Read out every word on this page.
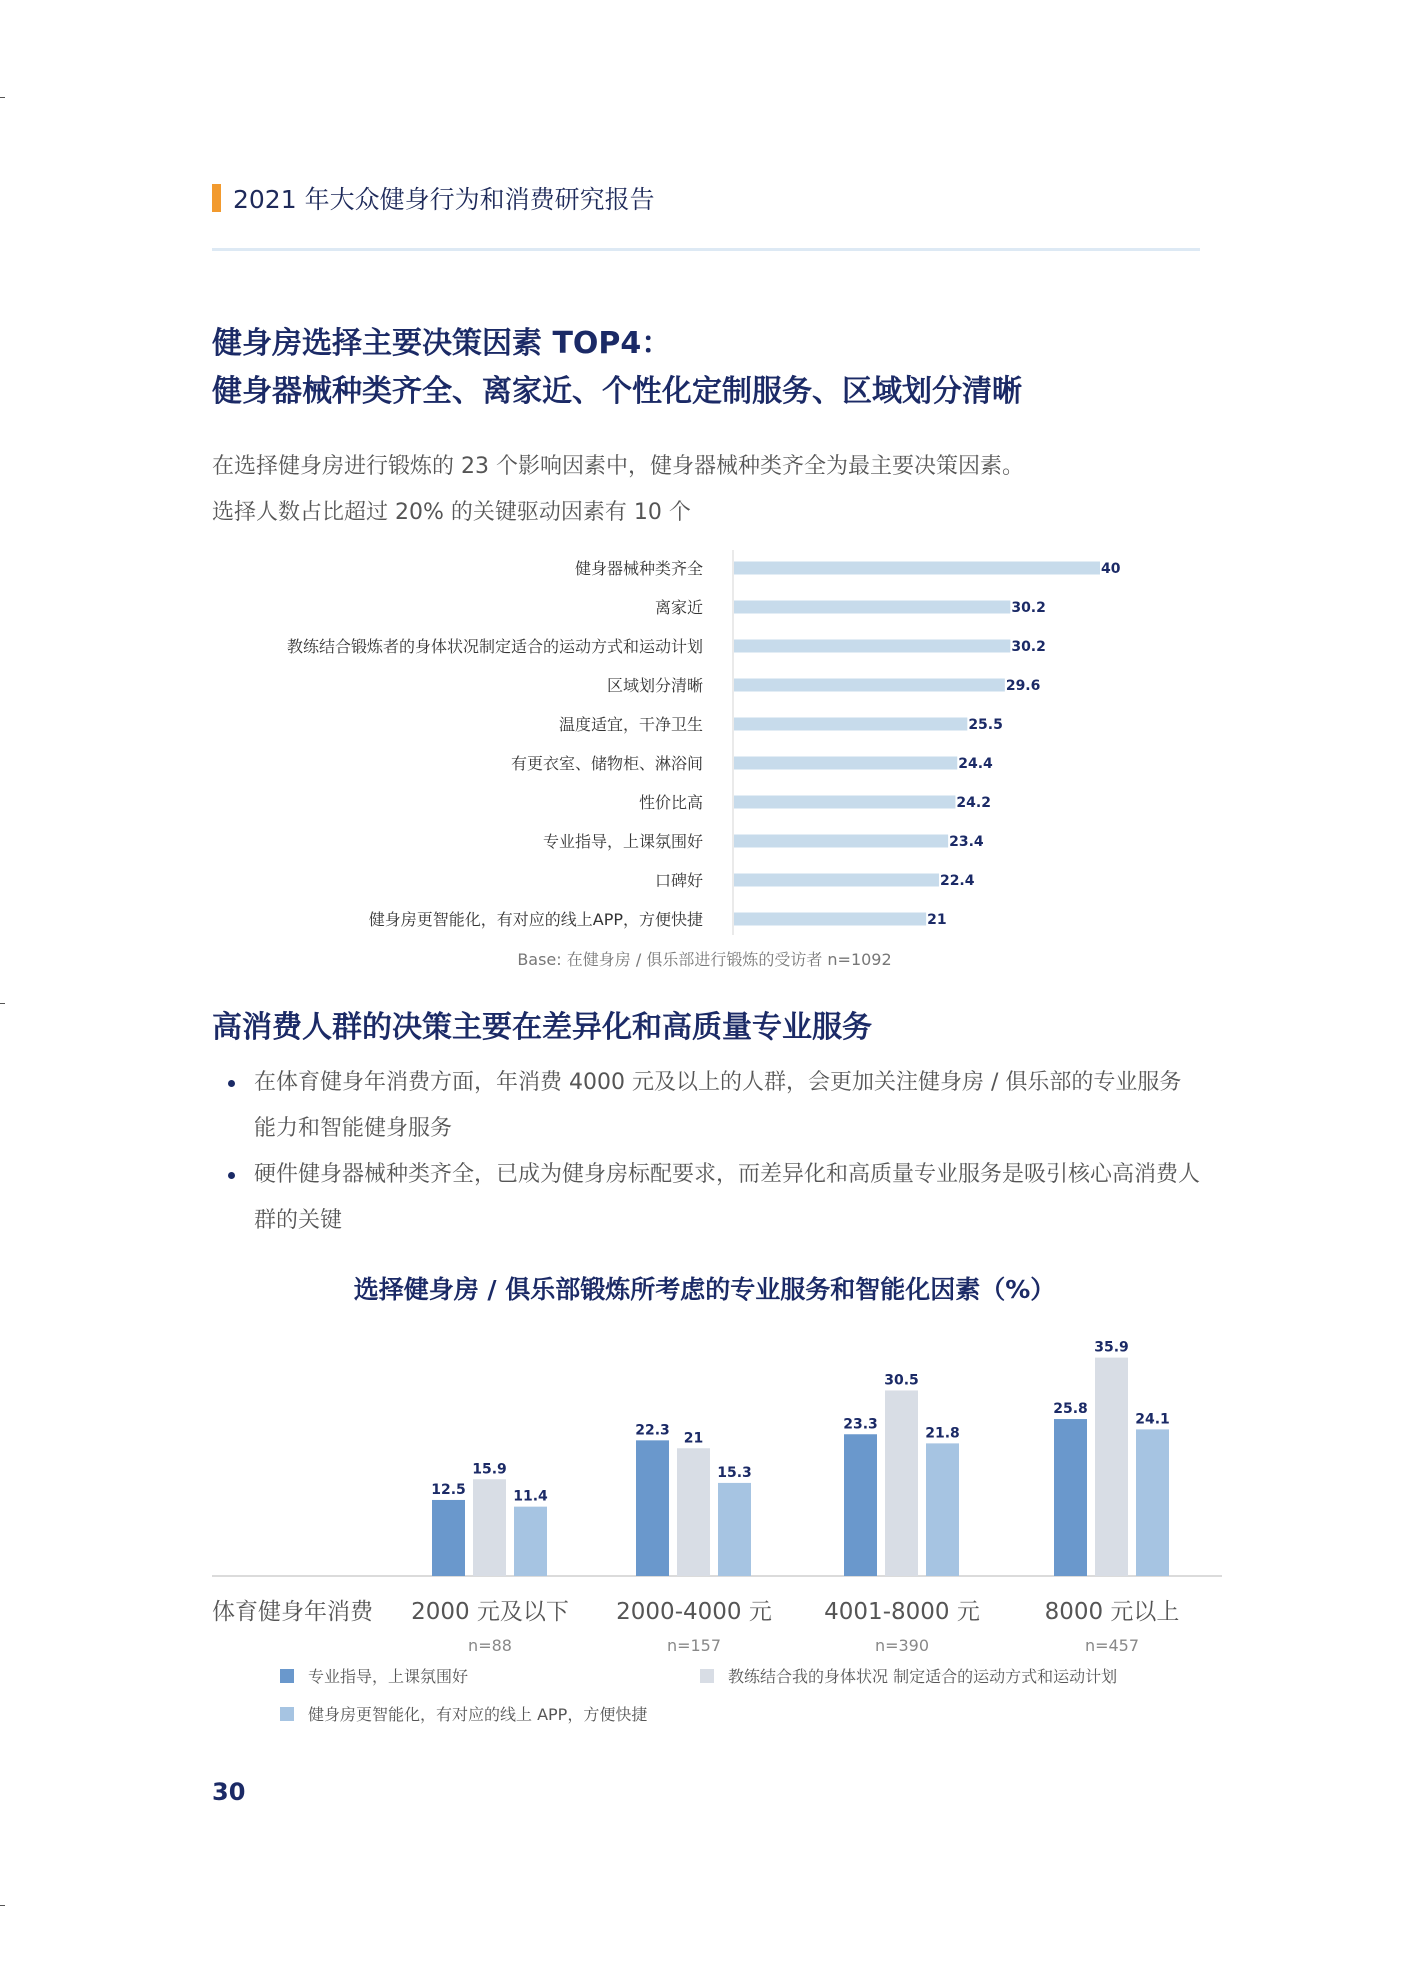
2021 年大众健身行为和消费研究报告
健身房选择主要决策因素 TOP4：
健身器械种类齐全、离家近、个性化定制服务、区域划分清晰
在选择健身房进行锻炼的 23 个影响因素中，健身器械种类齐全为最主要决策因素。
选择人数占比超过 20% 的关键驱动因素有 10 个
健身器械种类齐全	40
离家近	30.2
教练结合锻炼者的身体状况制定适合的运动方式和运动计划	30.2
区域划分清晰	29.6
温度适宜，干净卫生	25.5
有更衣室、储物柜、淋浴间	24.4
性价比高	24.2
专业指导，上课氛围好	23.4
口碑好	22.4
健身房更智能化，有对应的线上APP，方便快捷	21
Base: 在健身房 / 俱乐部进行锻炼的受访者 n=1092
高消费人群的决策主要在差异化和高质量专业服务
在体育健身年消费方面，年消费 4000 元及以上的人群，会更加关注健身房 / 俱乐部的专业服务能力和智能健身服务
硬件健身器械种类齐全，已成为健身房标配要求，而差异化和高质量专业服务是吸引核心高消费人群的关键
选择健身房 / 俱乐部锻炼所考虑的专业服务和智能化因素（%）
体育健身年消费
12.5
15.9
11.4
2000 元及以下
n=88
22.3 21
15.3
2000-4000 元
n=157
23.3
30.5
21.8
4001-8000 元
n=390
25.8
35.9
24.1
8000 元以上
n=457
专业指导，上课氛围好	教练结合我的身体状况 制定适合的运动方式和运动计划
健身房更智能化，有对应的线上 APP，方便快捷
30
